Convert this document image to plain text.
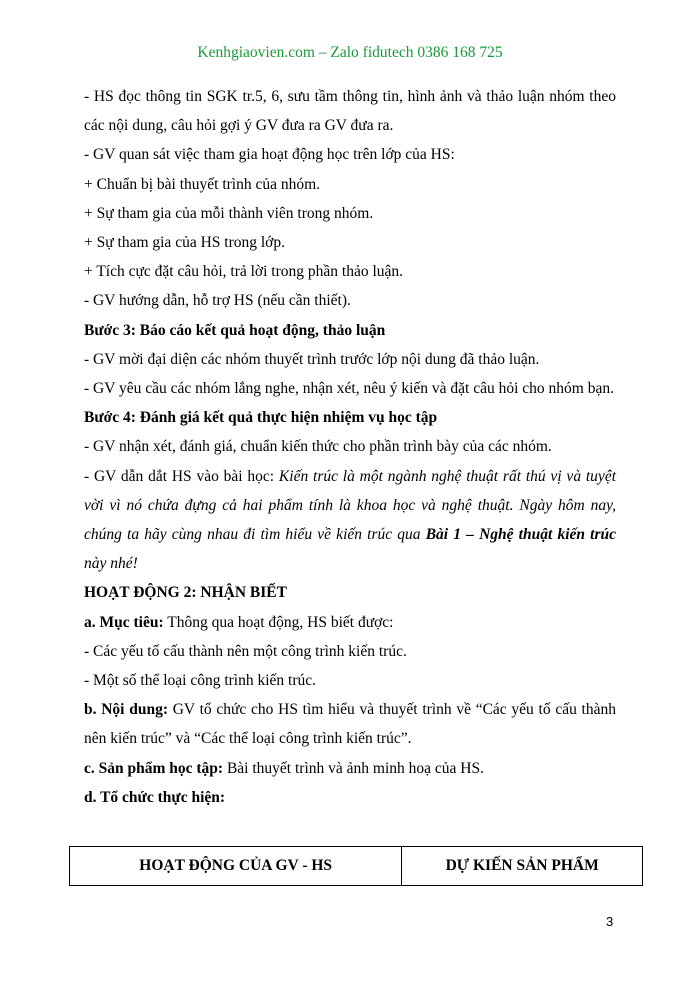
Kenhgiaovien.com – Zalo fidutech 0386 168 725

- HS đọc thông tin SGK tr.5, 6, sưu tầm thông tin, hình ảnh và thảo luận nhóm theo các nội dung, câu hỏi gợi ý GV đưa ra GV đưa ra.

- GV quan sát việc tham gia hoạt động học trên lớp của HS:

+ Chuẩn bị bài thuyết trình của nhóm.

+ Sự tham gia của mỗi thành viên trong nhóm.

+ Sự tham gia của HS trong lớp.

+ Tích cực đặt câu hỏi, trả lời trong phần thảo luận.

- GV hướng dẫn, hỗ trợ HS (nếu cần thiết).

Bước 3: Báo cáo kết quả hoạt động, thảo luận

- GV mời đại diện các nhóm thuyết trình trước lớp nội dung đã thảo luận.

- GV yêu cầu các nhóm lắng nghe, nhận xét, nêu ý kiến và đặt câu hỏi cho nhóm bạn.

Bước 4: Đánh giá kết quả thực hiện nhiệm vụ học tập

- GV nhận xét, đánh giá, chuẩn kiến thức cho phần trình bày của các nhóm.

- GV dẫn dắt HS vào bài học: Kiến trúc là một ngành nghệ thuật rất thú vị và tuyệt vời vì nó chứa đựng cả hai phẩm tính là khoa học và nghệ thuật. Ngày hôm nay, chúng ta hãy cùng nhau đi tìm hiểu về kiến trúc qua Bài 1 – Nghệ thuật kiến trúc này nhé!

HOẠT ĐỘNG 2: NHẬN BIẾT

a. Mục tiêu: Thông qua hoạt động, HS biết được:

- Các yếu tố cấu thành nên một công trình kiến trúc.

- Một số thể loại công trình kiến trúc.

b. Nội dung: GV tổ chức cho HS tìm hiểu và thuyết trình về “Các yếu tố cấu thành nên kiến trúc” và “Các thể loại công trình kiến trúc”.

c. Sản phẩm học tập: Bài thuyết trình và ảnh minh hoạ của HS.

d. Tổ chức thực hiện:

HOẠT ĐỘNG CỦA GV - HS	DỰ KIẾN SẢN PHẨM
3
